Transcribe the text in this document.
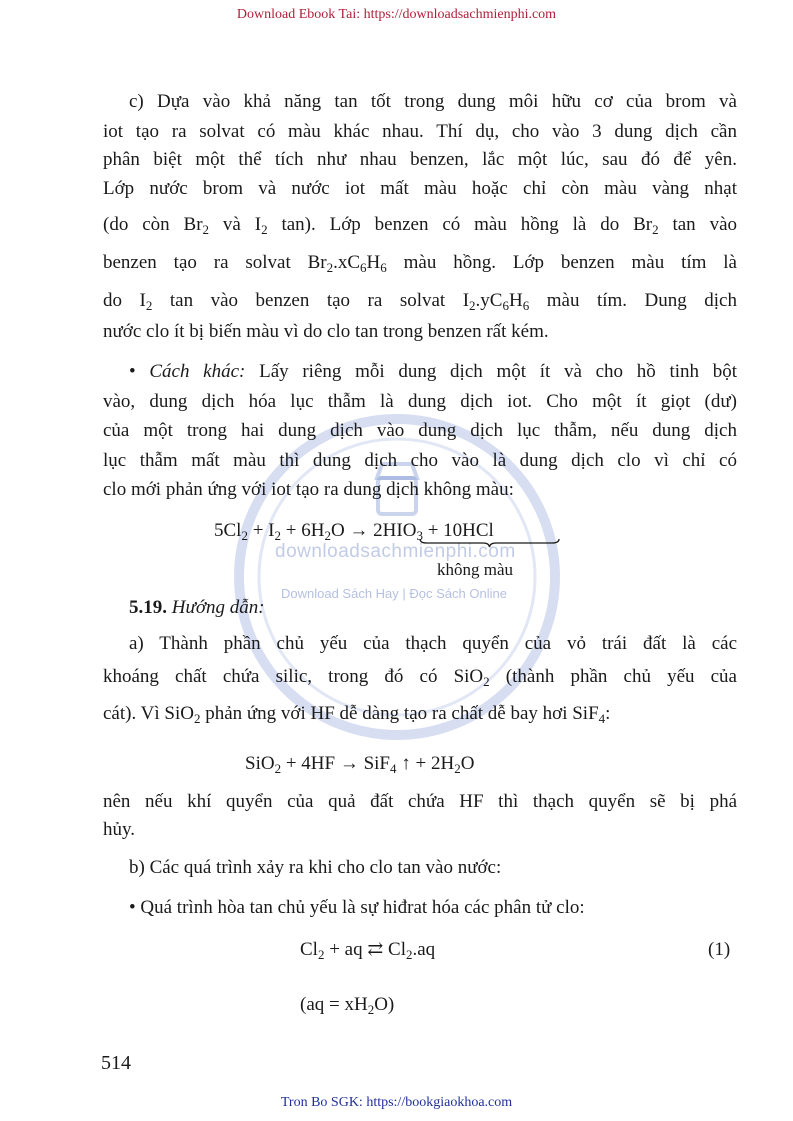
Download Ebook Tai: https://downloadsachmienphi.com
downloadsachmienphi.com
Download Sách Hay | Đọc Sách Online

c) Dựa vào khả năng tan tốt trong dung môi hữu cơ của brom và

iot tạo ra solvat có màu khác nhau. Thí dụ, cho vào 3 dung dịch cần

phân biệt một thể tích như nhau benzen, lắc một lúc, sau đó để yên.

Lớp nước brom và nước iot mất màu hoặc chỉ còn màu vàng nhạt

(do còn $Br_2$ và $I_2$ tan). Lớp benzen có màu hồng là do $Br_2$ tan vào

benzen tạo ra solvat $Br_2.xC_6H_6$ màu hồng. Lớp benzen màu tím là

do $I_2$ tan vào benzen tạo ra solvat $I_2.yC_6H_6$ màu tím. Dung dịch

nước clo ít bị biến màu vì do clo tan trong benzen rất kém.

• Cách khác: Lấy riêng mỗi dung dịch một ít và cho hồ tinh bột

vào, dung dịch hóa lục thẫm là dung dịch iot. Cho một ít giọt (dư)

của một trong hai dung dịch vào dung dịch lục thẫm, nếu dung dịch

lục thẫm mất màu thì dung dịch cho vào là dung dịch clo vì chỉ có

clo mới phản ứng với iot tạo ra dung dịch không màu:

$5Cl_2 + I_2 + 6H_2O \to 2HIO_3 + 10HCl$
không màu

5.19. Hướng dẫn:

a) Thành phần chủ yếu của thạch quyển của vỏ trái đất là các

khoáng chất chứa silic, trong đó có SiO$_2$ (thành phần chủ yếu của

cát). Vì SiO$_2$ phản ứng với HF dễ dàng tạo ra chất dễ bay hơi SiF$_4$:

SiO$_2$ + 4HF → SiF$_4$ ↑ + $2H_2O$

nên nếu khí quyển của quả đất chứa HF thì thạch quyển sẽ bị phá

hủy.

b) Các quá trình xảy ra khi cho clo tan vào nước:

• Quá trình hòa tan chủ yếu là sự hiđrat hóa các phân tử clo:

$Cl_2$ + aq ⇄ $Cl_2.aq$	(1)
$(aq = xH_2O)$
514
Tron Bo SGK: https://bookgiaokhoa.com
